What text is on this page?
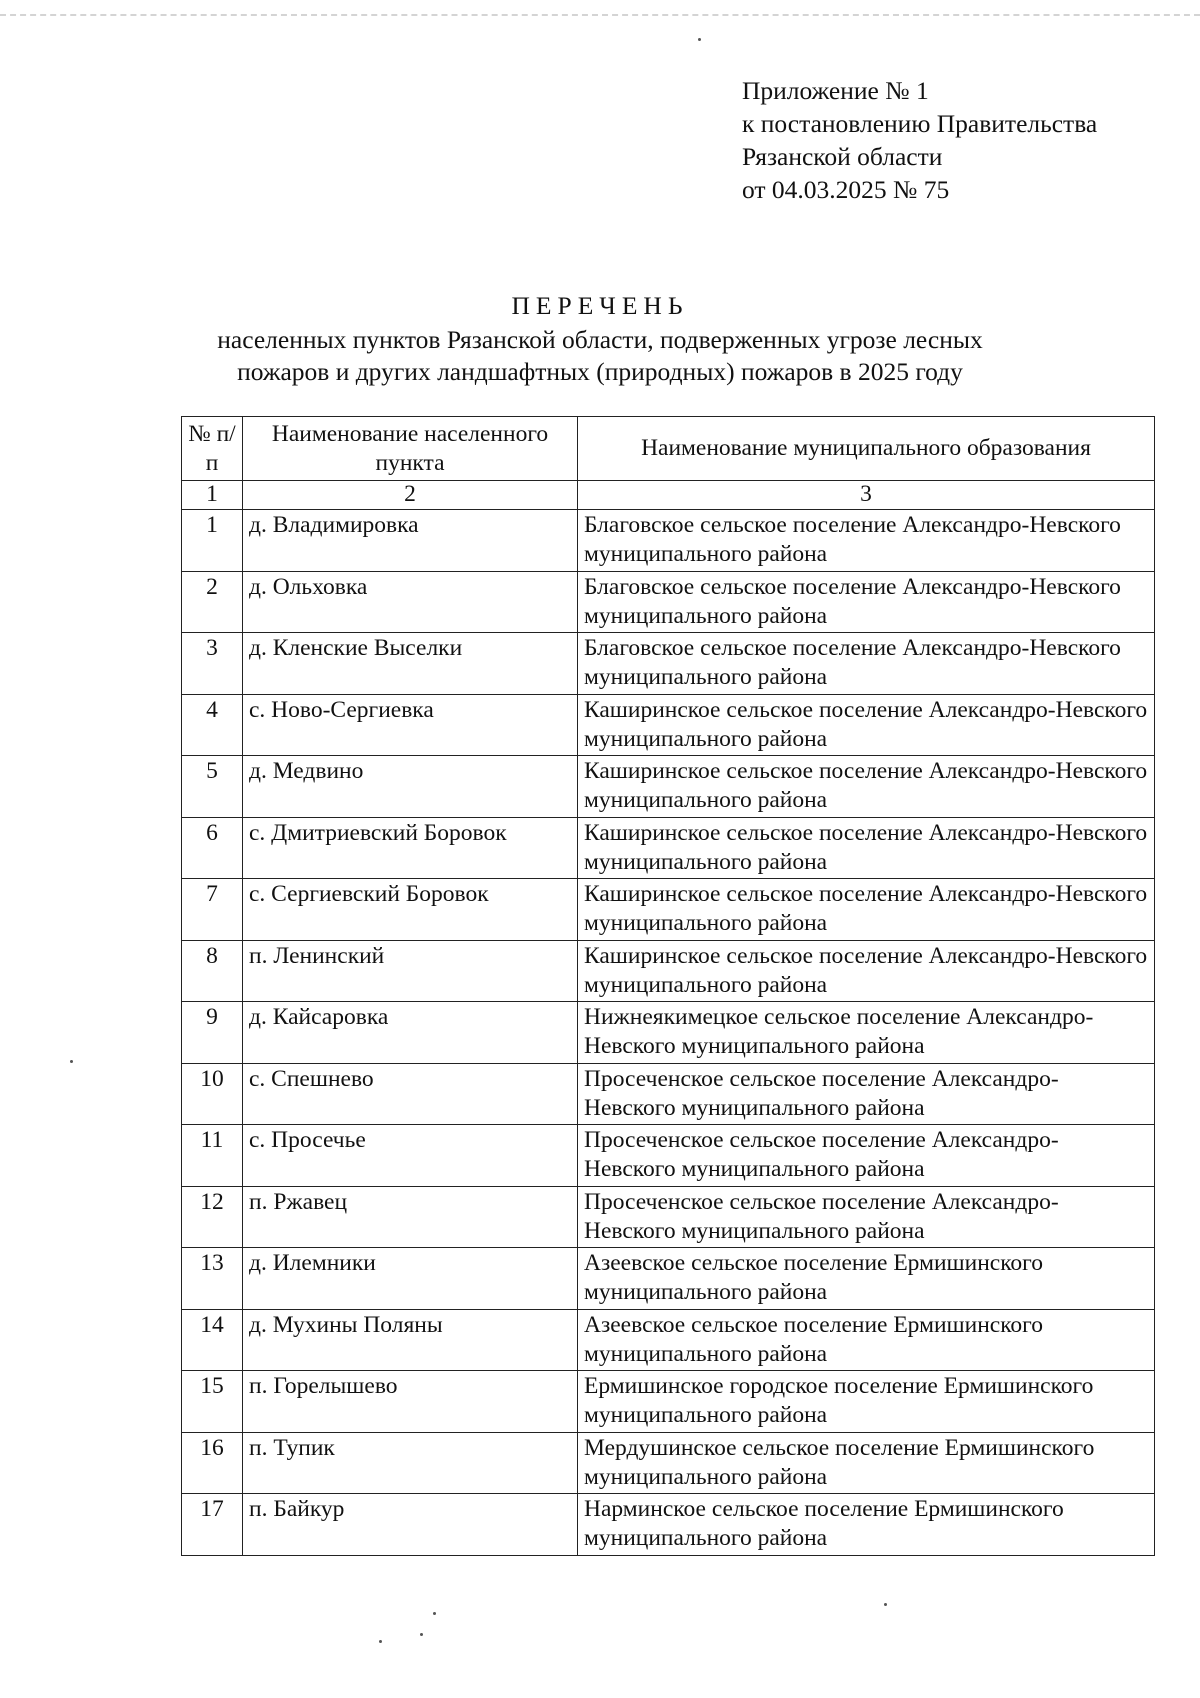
Приложение № 1
к постановлению Правительства
Рязанской области
от 04.03.2025 № 75
ПЕРЕЧЕНЬ
населенных пунктов Рязанской области, подверженных угрозе лесных
пожаров и других ландшафтных (природных) пожаров в 2025 году
№ п/п	Наименование населенного пункта	Наименование муниципального образования
1	2	3
1	д. Владимировка	Благовское сельское поселение Александро-Невского муниципального района
2	д. Ольховка	Благовское сельское поселение Александро-Невского муниципального района
3	д. Кленские Выселки	Благовское сельское поселение Александро-Невского муниципального района
4	с. Ново-Сергиевка	Каширинское сельское поселение Александро-Невского муниципального района
5	д. Медвино	Каширинское сельское поселение Александро-Невского муниципального района
6	с. Дмитриевский Боровок	Каширинское сельское поселение Александро-Невского муниципального района
7	с. Сергиевский Боровок	Каширинское сельское поселение Александро-Невского муниципального района
8	п. Ленинский	Каширинское сельское поселение Александро-Невского муниципального района
9	д. Кайсаровка	Нижнеякимецкое сельское поселение Александро-Невского муниципального района
10	с. Спешнево	Просеченское сельское поселение Александро-Невского муниципального района
11	с. Просечье	Просеченское сельское поселение Александро-Невского муниципального района
12	п. Ржавец	Просеченское сельское поселение Александро-Невского муниципального района
13	д. Илемники	Азеевское сельское поселение Ермишинского муниципального района
14	д. Мухины Поляны	Азеевское сельское поселение Ермишинского муниципального района
15	п. Горелышево	Ермишинское городское поселение Ермишинского муниципального района
16	п. Тупик	Мердушинское сельское поселение Ермишинского муниципального района
17	п. Байкур	Нарминское сельское поселение Ермишинского муниципального района
